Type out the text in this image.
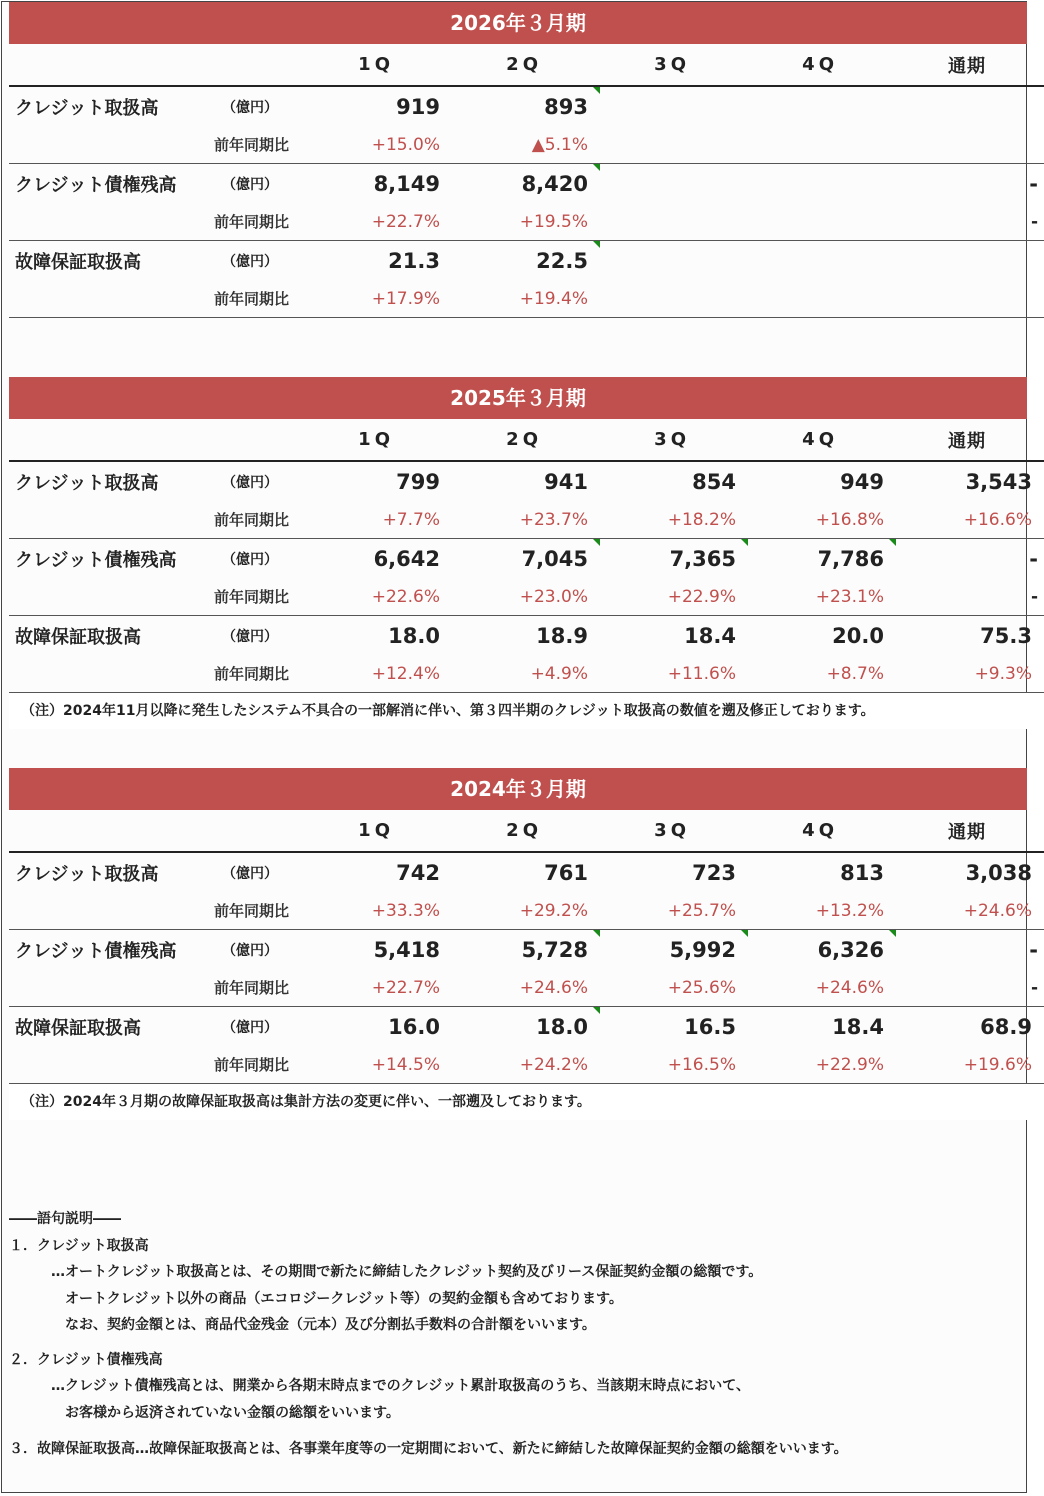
2026年３月期
		1Q	2Q	3Q	4Q	通期
クレジット取扱高	（億円）	919	893

	前年同期比	+15.0%	▲5.1%			
クレジット債権残高	（億円）	8,149	8,420			-
	前年同期比	+22.7%	+19.5%			-
故障保証取扱高	（億円）	21.3	22.5

	前年同期比	+17.9%	+19.4%			
2025年３月期
		1Q	2Q	3Q	4Q	通期
クレジット取扱高	（億円）	799	941	854	949	3,543
	前年同期比	+7.7%	+23.7%	+18.2%	+16.8%	+16.6%
クレジット債権残高	（億円）	6,642	7,045	7,365	7,786	-
	前年同期比	+22.6%	+23.0%	+22.9%	+23.1%	-
故障保証取扱高	（億円）	18.0	18.9	18.4	20.0	75.3
	前年同期比	+12.4%	+4.9%	+11.6%	+8.7%	+9.3%
（注）2024年11月以降に発生したシステム不具合の一部解消に伴い、第３四半期のクレジット取扱高の数値を遡及修正しております。
2024年３月期
		1Q	2Q	3Q	4Q	通期
クレジット取扱高	（億円）	742	761	723	813	3,038
	前年同期比	+33.3%	+29.2%	+25.7%	+13.2%	+24.6%
クレジット債権残高	（億円）	5,418	5,728	5,992	6,326	-
	前年同期比	+22.7%	+24.6%	+25.6%	+24.6%	-
故障保証取扱高	（億円）	16.0	18.0	16.5	18.4	68.9
	前年同期比	+14.5%	+24.2%	+16.5%	+22.9%	+19.6%
（注）2024年３月期の故障保証取扱高は集計方法の変更に伴い、一部遡及しております。

――語句説明――

１．クレジット取扱高

　　　…オートクレジット取扱高とは、その期間で新たに締結したクレジット契約及びリース保証契約金額の総額です。

　　　　オートクレジット以外の商品（エコロジークレジット等）の契約金額も含めております。

　　　　なお、契約金額とは、商品代金残金（元本）及び分割払手数料の合計額をいいます。

２．クレジット債権残高

　　　…クレジット債権残高とは、開業から各期末時点までのクレジット累計取扱高のうち、当該期末時点において、

　　　　お客様から返済されていない金額の総額をいいます。

３．故障保証取扱高…故障保証取扱高とは、各事業年度等の一定期間において、新たに締結した故障保証契約金額の総額をいいます。
